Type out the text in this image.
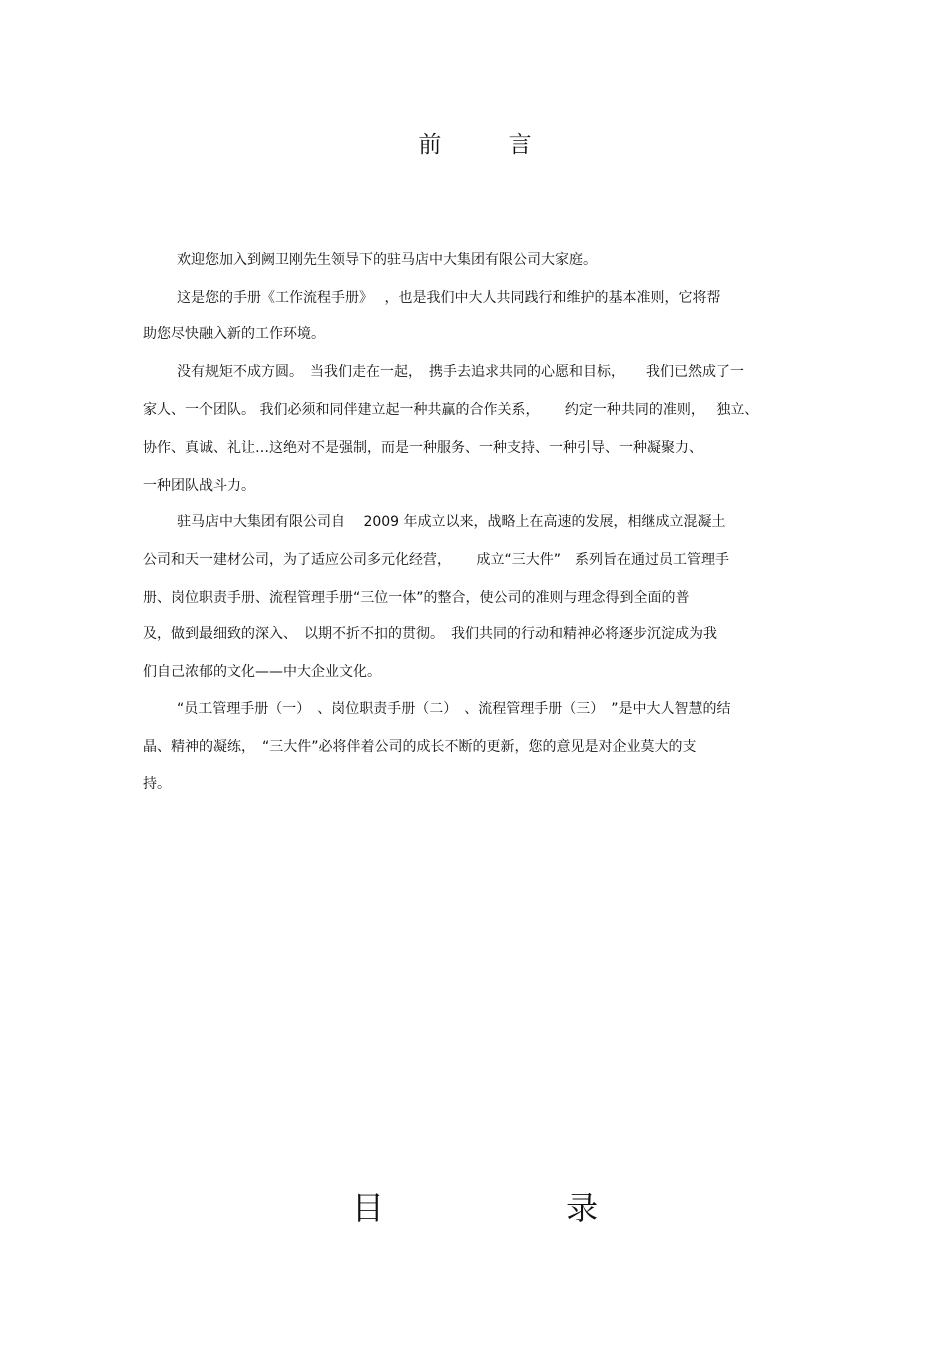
前 言
欢迎您加入到阙卫刚先生领导下的驻马店中大集团有限公司大家庭。
这是您的手册《工作流程手册》　 ，也是我们中大人共同践行和维护的基本准则，它将帮
助您尽快融入新的工作环境。
没有规矩不成方圆。　当我们走在一起，　携手去追求共同的心愿和目标，　　我们已然成了一
家人、一个团队。 我们必须和同伴建立起一种共赢的合作关系，　　 约定一种共同的准则，　 独立、
协作、真诚、礼让…这绝对不是强制，而是一种服务、一种支持、一种引导、一种凝聚力、
一种团队战斗力。
驻马店中大集团有限公司自　 2009 年成立以来，战略上在高速的发展，相继成立混凝土
公司和天一建材公司，为了适应公司多元化经营，　　 成立“三大件”　系列旨在通过员工管理手
册、岗位职责手册、流程管理手册“三位一体”的整合，使公司的准则与理念得到全面的普
及，做到最细致的深入、　以期不折不扣的贯彻。　我们共同的行动和精神必将逐步沉淀成为我
们自己浓郁的文化——中大企业文化。
“员工管理手册（一）　、岗位职责手册（二）　、流程管理手册（三）　”是中大人智慧的结
晶、精神的凝练，　“三大件”必将伴着公司的成长不断的更新，您的意见是对企业莫大的支
持。
目 录
